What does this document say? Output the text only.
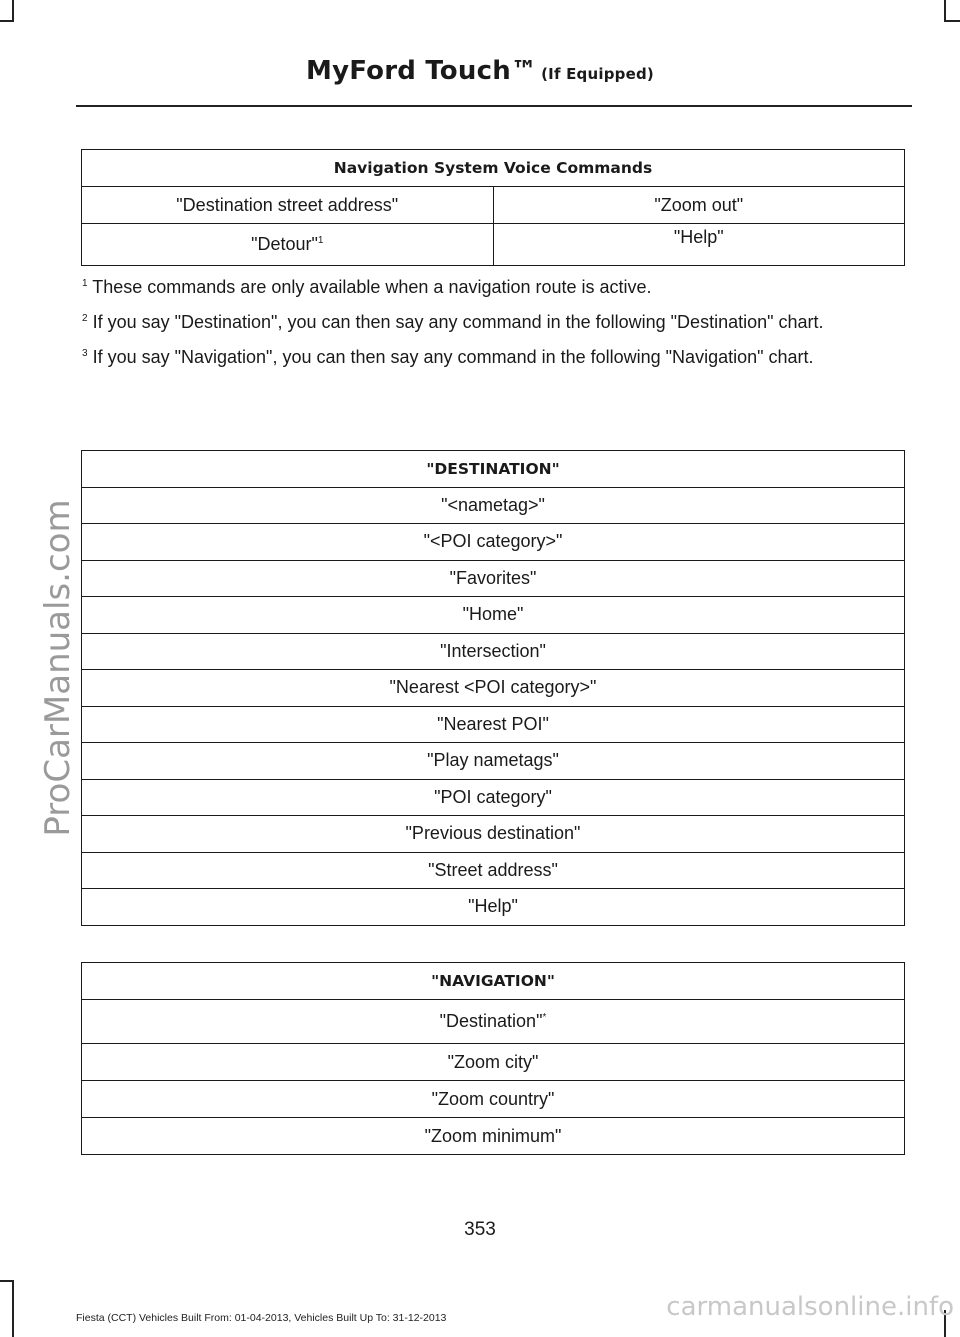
MyFord Touch™ (If Equipped)
ProCarManuals.com
Navigation System Voice Commands	
"Destination street address"	"Zoom out"
"Detour"$^1$	"Help"

$^1$ These commands are only available when a navigation route is active.

$^2$ If you say "Destination", you can then say any command in the following "Destination" chart.

$^3$ If you say "Navigation", you can then say any command in the following "Navigation" chart.

"DESTINATION"
"<nametag>"
"<POI category>"
"Favorites"
"Home"
"Intersection"
"Nearest <POI category>"
"Nearest POI"
"Play nametags"
"POI category"
"Previous destination"
"Street address"
"Help"
"NAVIGATION"
"Destination"*
"Zoom city"
"Zoom country"
"Zoom minimum"
353
Fiesta (CCT) Vehicles Built From: 01-04-2013, Vehicles Built Up To: 31-12-2013	carmanualsonline.info
